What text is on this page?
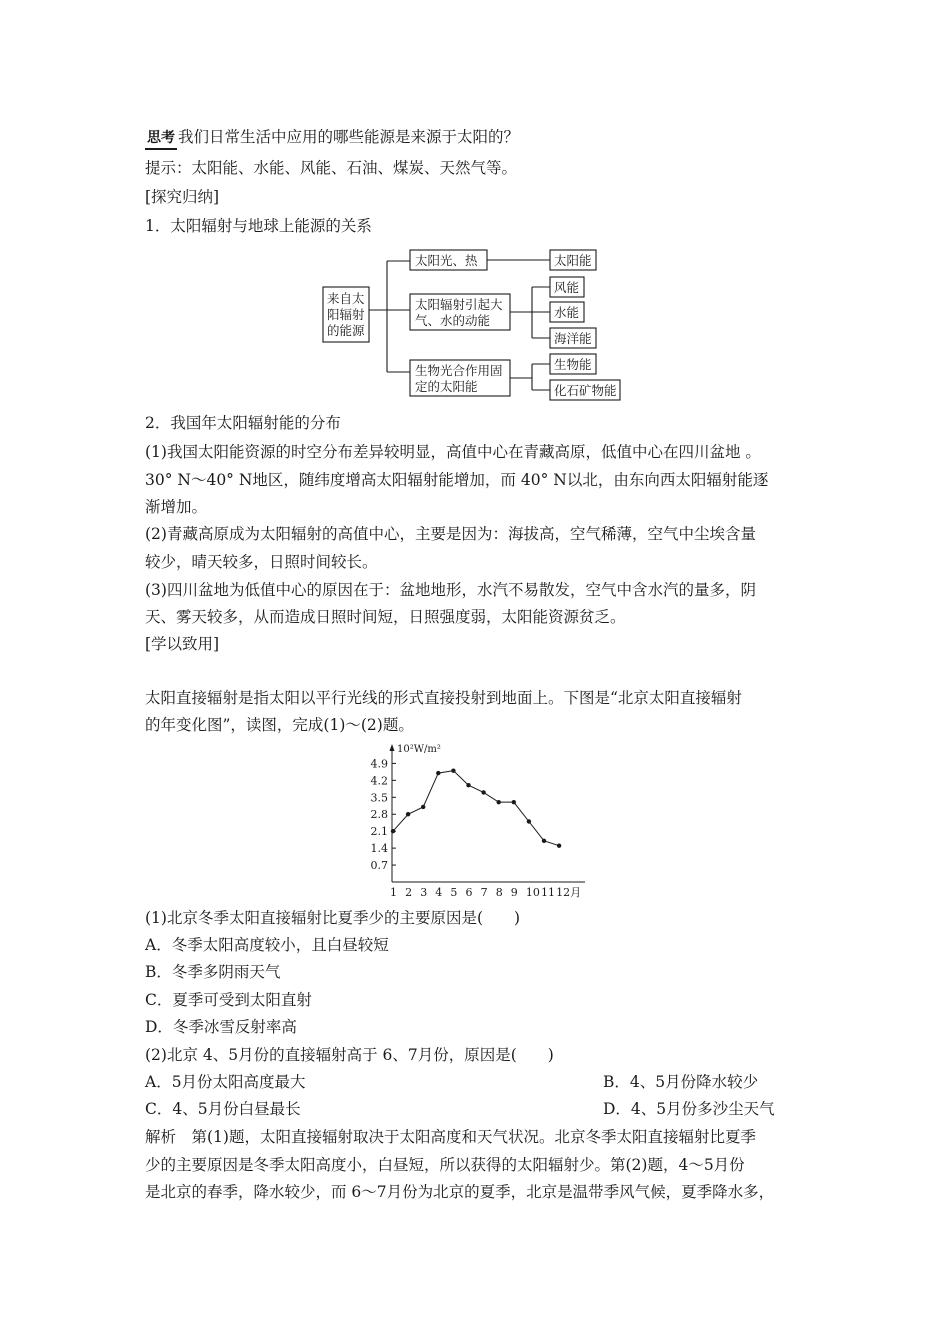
思考 我们日常生活中应用的哪些能源是来源于太阳的？
提示：太阳能、水能、风能、石油、煤炭、天然气等。
[探究归纳]
1．太阳辐射与地球上能源的关系
来自太
阳辐射
的能源
太阳光、热
太阳辐射引起大
气、水的动能
生物光合作用固
定的太阳能
太阳能
风能
水能
海洋能
生物能
化石矿物能
2．我国年太阳辐射能的分布
(1)我国太阳能资源的时空分布差异较明显，高值中心在青藏高原，低值中心在四川盆地 。
30° N～40° N地区，随纬度增高太阳辐射能增加，而 40° N以北，由东向西太阳辐射能逐
渐增加。
(2)青藏高原成为太阳辐射的高值中心，主要是因为：海拔高，空气稀薄，空气中尘埃含量
较少，晴天较多，日照时间较长。
(3)四川盆地为低值中心的原因在于：盆地地形，水汽不易散发，空气中含水汽的量多，阴
天、雾天较多，从而造成日照时间短，日照强度弱，太阳能资源贫乏。
[学以致用]
太阳直接辐射是指太阳以平行光线的形式直接投射到地面上。下图是“北京太阳直接辐射
的年变化图”，读图，完成(1)～(2)题。
10²W/m²
0.7
1.4
2.1
2.8
3.5
4.2
4.9
1 2 3 4 5 6 7 8 9 10 11 12月
(1)北京冬季太阳直接辐射比夏季少的主要原因是(　　)
A．冬季太阳高度较小，且白昼较短
B．冬季多阴雨天气
C．夏季可受到太阳直射
D．冬季冰雪反射率高
(2)北京 4、5月份的直接辐射高于 6、7月份，原因是(　　)
A．5月份太阳高度最大	B．4、5月份降水较少
C．4、5月份白昼最长	D．4、5月份多沙尘天气
解析　第(1)题，太阳直接辐射取决于太阳高度和天气状况。北京冬季太阳直接辐射比夏季
少的主要原因是冬季太阳高度小，白昼短，所以获得的太阳辐射少。第(2)题，4～5月份
是北京的春季，降水较少，而 6～7月份为北京的夏季，北京是温带季风气候，夏季降水多，
